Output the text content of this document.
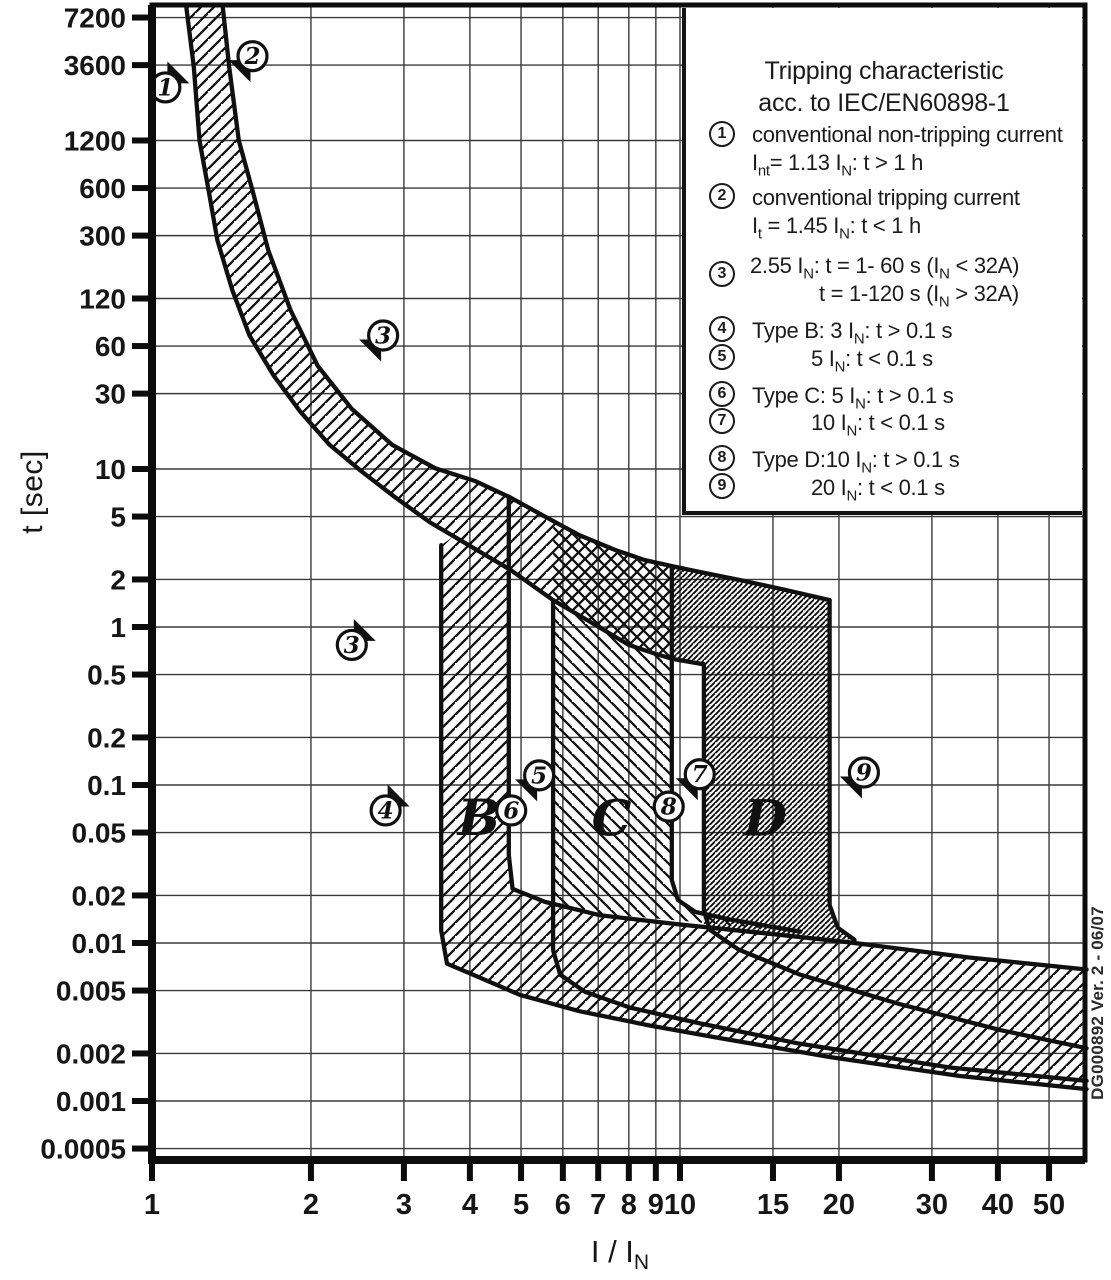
1
2
3
3
4
5
6
7
8
9
B C D
7200
3600
1200
600
300
120
60
30
10
5
2
1
0.5
0.2
0.1
0.05
0.02
0.01
0.005
0.002
0.001
0.0005
1	2	3 4 5 6 7 8 9 10 15 20 30 40 50
Tripping characteristic
acc. to IEC/EN60898-1
1	conventional non-tripping current
$I_{nt}= 1.13$ $I_N$: t > 1 h
2	conventional tripping current
$I_t = 1.45$ $I_N$: t < 1 h
3	2.55 $I_N$: t = 1- 60 s $(I_N < 32A)$
t = 1-120 s $(I_N > 32A)$
4	Type B: 3 $I_N$: t > 0.1 s
5	5 $I_N$: t < 0.1 s
6	Type C: 5 $I_N$: t > 0.1 s
7	10 $I_N$: t < 0.1 s
8	Type D:10 $I_N$: t > 0.1 s
9	20 $I_N$: t < 0.1 s
t [sec]
I / $I_N$
DG000892 Ver. 2 - 06/07
